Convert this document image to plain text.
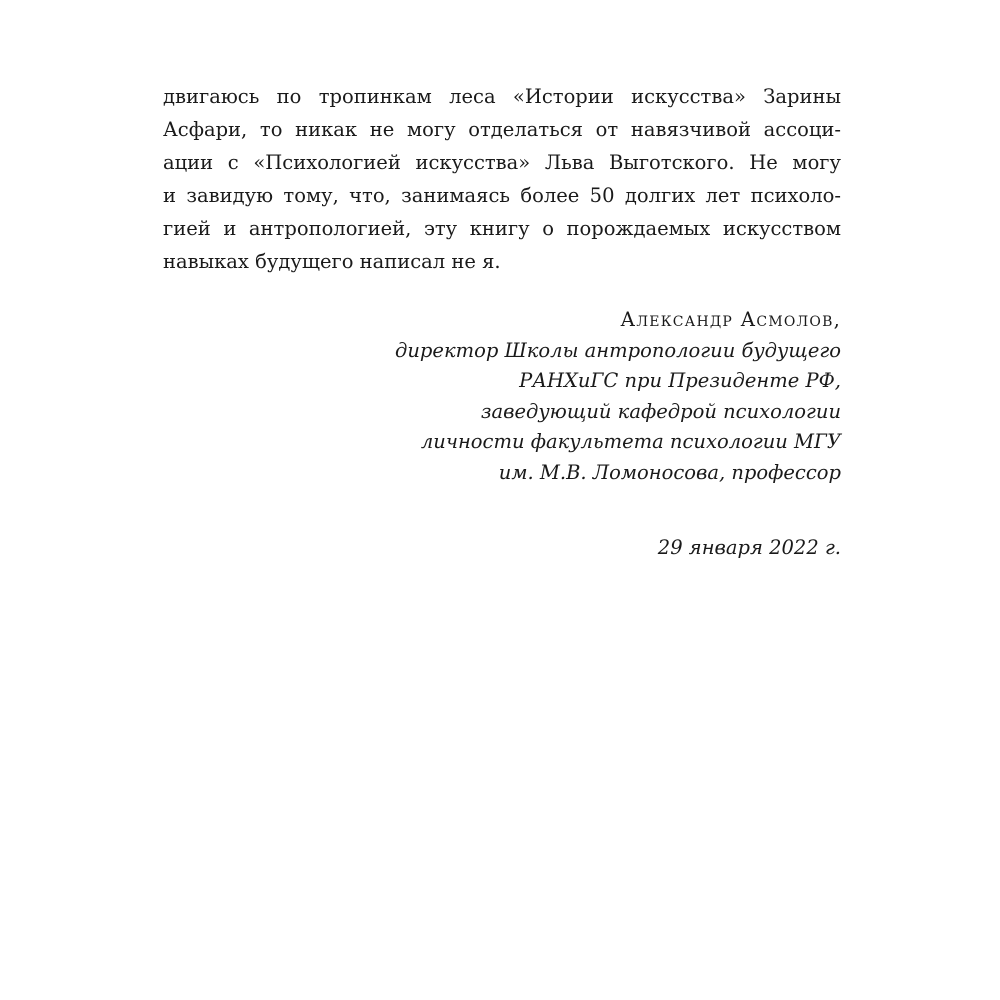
двигаюсь по тропинкам леса «Истории искусства» Зарины
Асфари, то никак не могу отделаться от навязчивой ассоци-
ации с «Психологией искусства» Льва Выготского. Не могу
и завидую тому, что, занимаясь более 50 долгих лет психоло-
гией и антропологией, эту книгу о порождаемых искусством
навыках будущего написал не я.

Александр Асмолов,
директор Школы антропологии будущего
РАНХиГС при Президенте РФ,
заведующий кафедрой психологии
личности факультета психологии МГУ
им. М.В. Ломоносова, профессор
29 января 2022 г.
